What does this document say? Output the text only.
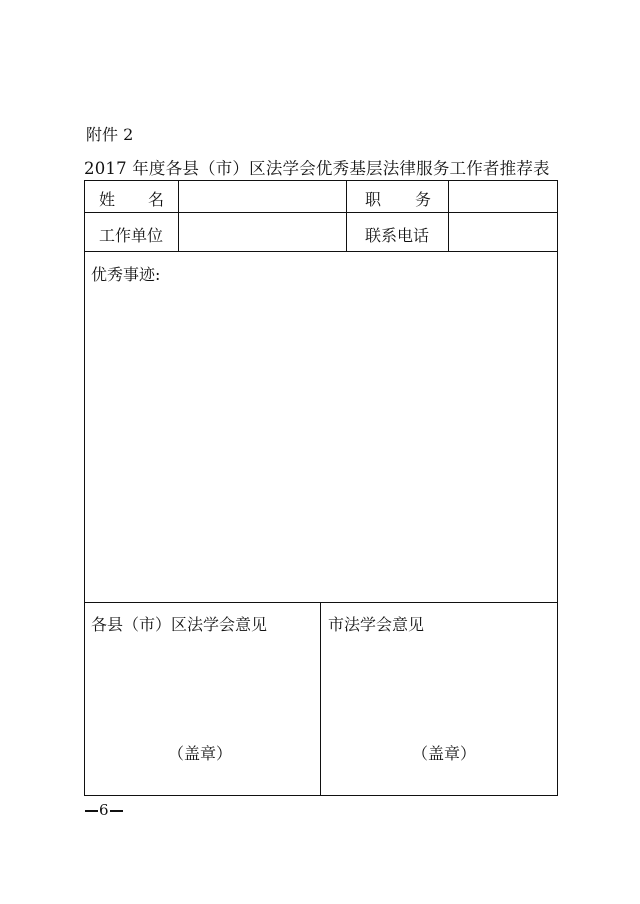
附件 2
2017 年度各县（市）区法学会优秀基层法律服务工作者推荐表
姓 名	职 务
工作单位	联系电话
优秀事迹:
各县（市）区法学会意见
（盖章）
市法学会意见
（盖章）
6
